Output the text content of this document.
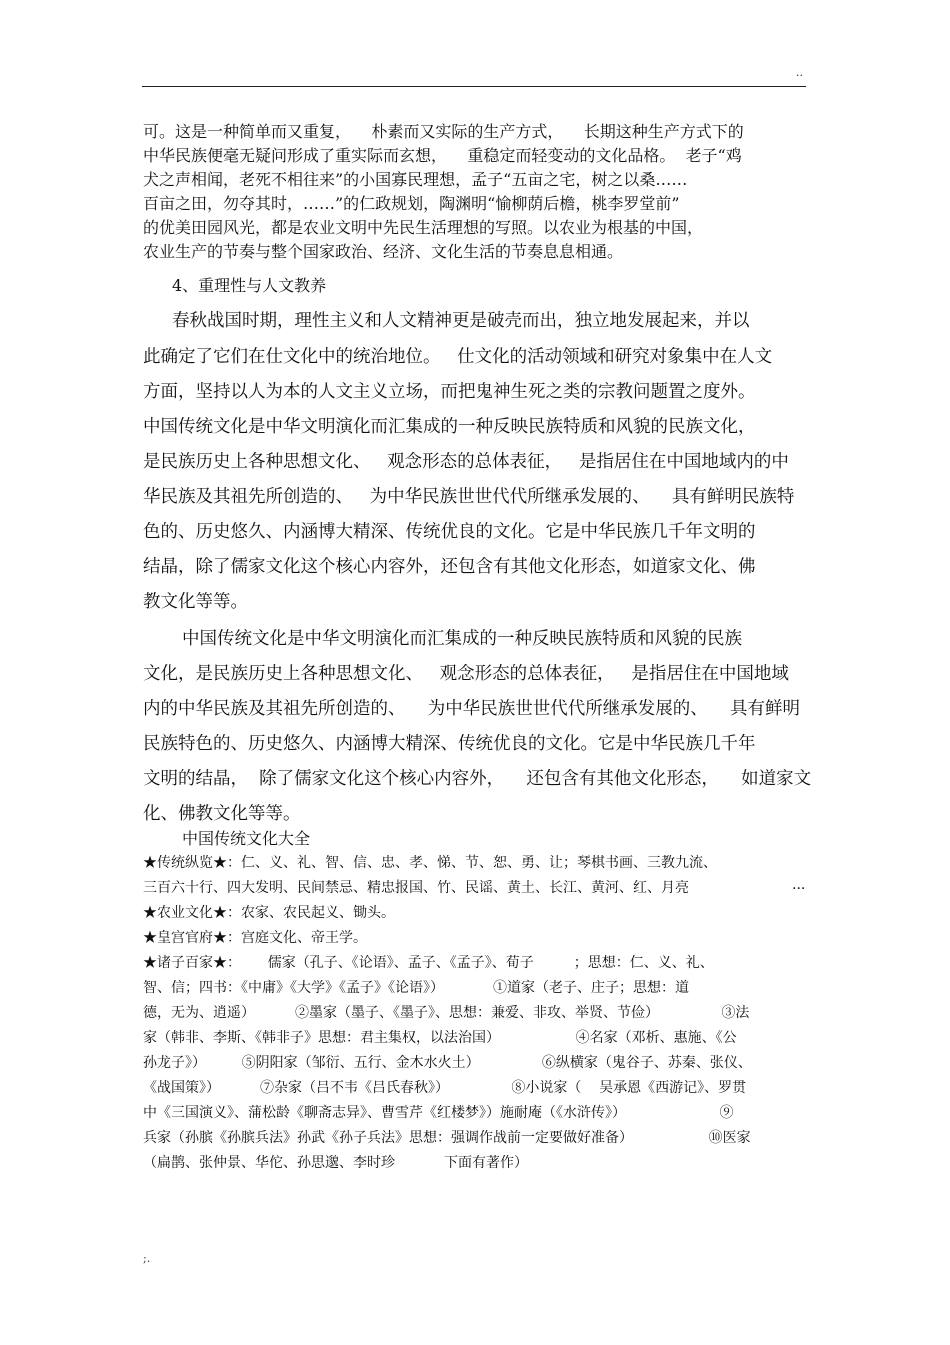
..
可。这是一种简单而又重复，    朴素而又实际的生产方式，    长期这种生产方式下的
中华民族便毫无疑问形成了重实际而玄想，    重稳定而轻变动的文化品格。  老子“鸡
犬之声相闻，老死不相往来”的小国寡民理想，孟子“五亩之宅，树之以桑……
百亩之田，勿夺其时，……”的仁政规划，陶渊明“愉柳荫后檐，桃李罗堂前”
的优美田园风光，都是农业文明中先民生活理想的写照。以农业为根基的中国，
农业生产的节奏与整个国家政治、经济、文化生活的节奏息息相通。
4、重理性与人文教养
春秋战国时期，理性主义和人文精神更是破壳而出，独立地发展起来，并以
此确定了它们在仕文化中的统治地位。   仕文化的活动领域和研究对象集中在人文
方面，坚持以人为本的人文主义立场，而把鬼神生死之类的宗教问题置之度外。
中国传统文化是中华文明演化而汇集成的一种反映民族特质和风貌的民族文化，
是民族历史上各种思想文化、   观念形态的总体表征，   是指居住在中国地域内的中
华民族及其祖先所创造的、   为中华民族世世代代所继承发展的、    具有鲜明民族特
色的、历史悠久、内涵博大精深、传统优良的文化。它是中华民族几千年文明的
结晶，除了儒家文化这个核心内容外，还包含有其他文化形态，如道家文化、佛
教文化等等。
中国传统文化是中华文明演化而汇集成的一种反映民族特质和风貌的民族
文化，是民族历史上各种思想文化、   观念形态的总体表征，   是指居住在中国地域
内的中华民族及其祖先所创造的、    为中华民族世世代代所继承发展的、    具有鲜明
民族特色的、历史悠久、内涵博大精深、传统优良的文化。它是中华民族几千年
文明的结晶，  除了儒家文化这个核心内容外，    还包含有其他文化形态，    如道家文
化、佛教文化等等。
中国传统文化大全
★传统纵览★：仁、义、礼、智、信、忠、孝、悌、节、恕、勇、让；琴棋书画、三教九流、
三百六十行、四大发明、民间禁忌、精忠报国、竹、民谣、黄土、长江、黄河、红、月亮	...
★农业文化★：农家、农民起义、锄头。
★皇宫官府★：宫庭文化、帝王学。
★诸子百家★：      儒家（孔子、《论语》、孟子、《孟子》、荀子         ；思想：仁、义、礼、
智、信；四书：《中庸》《大学》《孟子》《论语》）           ①道家（老子、庄子；思想：道
德，无为、逍遥）         ②墨家（墨子、《墨子》、思想：兼爱、非攻、举贤、节俭）              ③法
家（韩非、李斯、《韩非子》思想：君主集权，以法治国）                 ④名家（邓析、惠施、《公
孙龙子》）        ⑤阴阳家（邹衍、五行、金木水火土）              ⑥纵横家（鬼谷子、苏秦、张仪、
《战国策》）         ⑦杂家（吕不韦《吕氏春秋》）              ⑧小说家（    吴承恩《西游记》、罗贯
中《三国演义》、蒲松龄《聊斋志异》、曹雪芹《红楼梦》）施耐庵（《水浒传》）                     ⑨
兵家（孙膑《孙膑兵法》孙武《孙子兵法》思想：强调作战前一定要做好准备）                 ⑩医家
（扁鹊、张仲景、华佗、孙思邈、李时珍           下面有著作）
;.
